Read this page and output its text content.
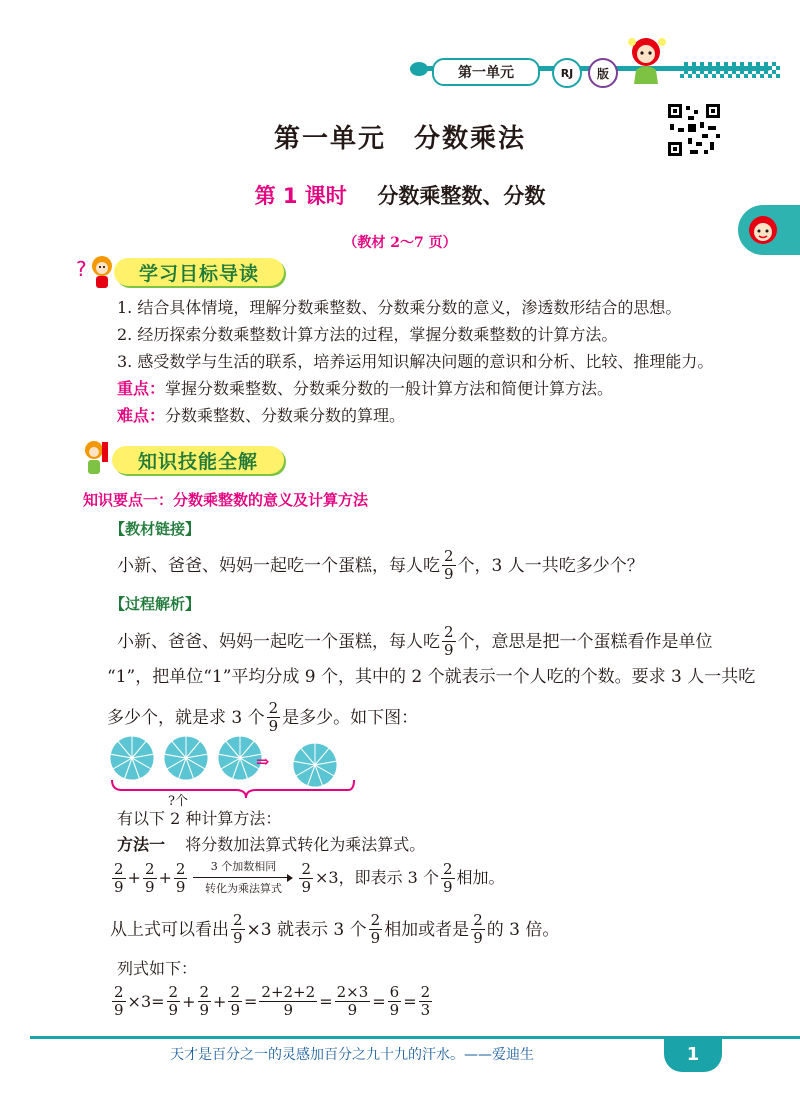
第一单元	RJ 版
第一单元　分数乘法
第 1 课时 分数乘整数、分数
（教材 2～7 页）
?	学习目标导读
1. 结合具体情境，理解分数乘整数、分数乘分数的意义，渗透数形结合的思想。
2. 经历探索分数乘整数计算方法的过程，掌握分数乘整数的计算方法。
3. 感受数学与生活的联系，培养运用知识解决问题的意识和分析、比较、推理能力。
重点：掌握分数乘整数、分数乘分数的一般计算方法和简便计算方法。
难点：分数乘整数、分数乘分数的算理。
知识技能全解
知识要点一：分数乘整数的意义及计算方法
【教材链接】
小新、爸爸、妈妈一起吃一个蛋糕，每人吃 $\frac{2}{9}$ 个，3 人一共吃多少个？
【过程解析】
小新、爸爸、妈妈一起吃一个蛋糕，每人吃 $\frac{2}{9}$ 个，意思是把一个蛋糕看作是单位
“1”，把单位“1”平均分成 9 个，其中的 2 个就表示一个人吃的个数。要求 3 人一共吃
多少个，就是求 3 个 $\frac{2}{9}$ 是多少。如下图：
?个
⇒
有以下 2 种计算方法：
方法一 将分数加法算式转化为乘法算式。
$\frac{2}{9} + \frac{2}{9} + \frac{2}{9} 3$ 个加数相同
转化为乘法算式 $\frac{2}{9} \times 3$，即表示 3 个 $\frac{2}{9}$ 相加。
从上式可以看出 $\frac{2}{9} \times 3$ 就表示 3 个 $\frac{2}{9}$ 相加或者是 $\frac{2}{9}$ 的 3 倍。
列式如下：
$\frac{2}{9} \times 3= \frac{2}{9} + \frac{2}{9} + \frac{2}{9} = \frac{2+2+2}{9} = \frac{2\times 3}{9} = \frac{6}{9} = \frac{2}{3}$
天才是百分之一的灵感加百分之九十九的汗水。——爱迪生	1
